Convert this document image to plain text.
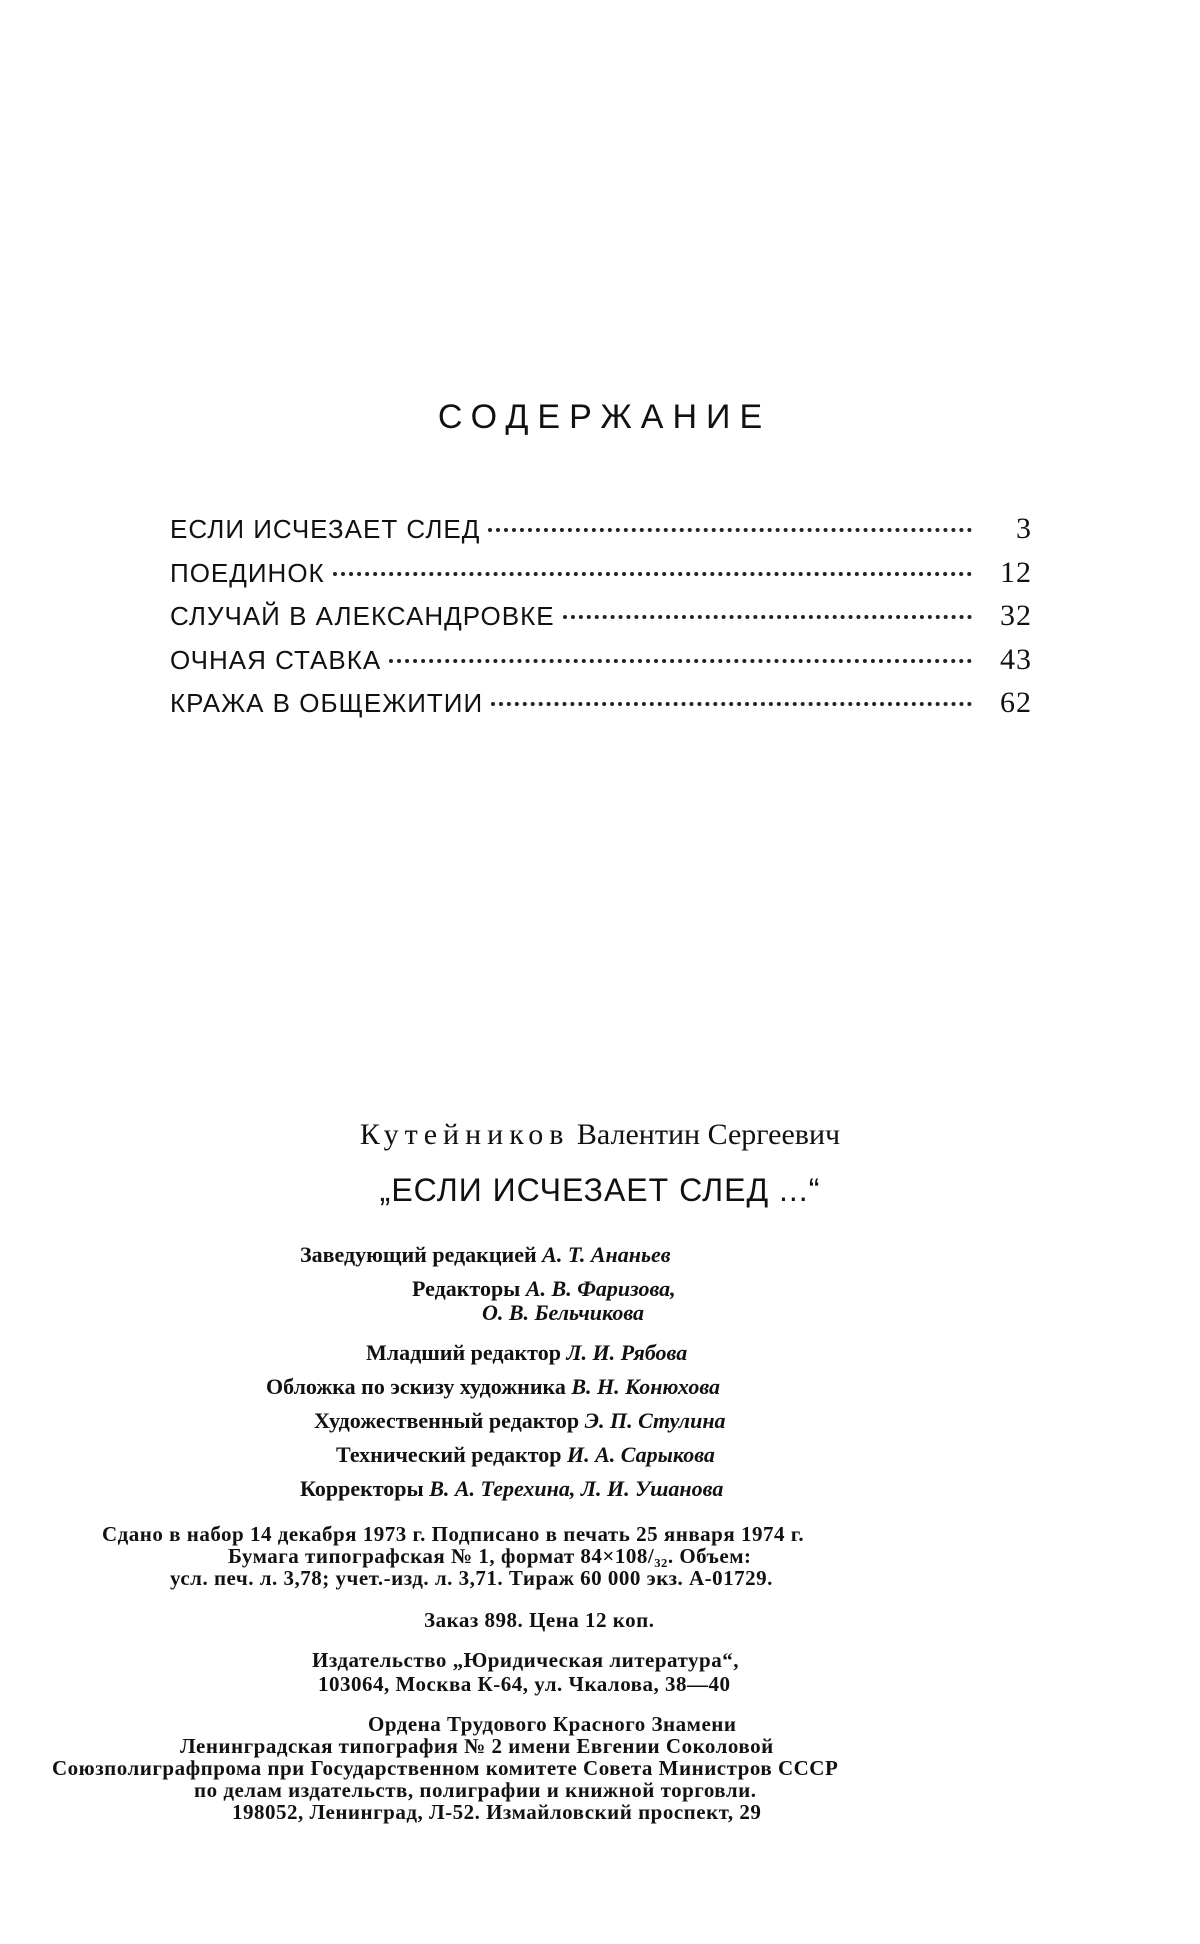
СОДЕРЖАНИЕ
ЕСЛИ ИСЧЕЗАЕТ СЛЕД	3
ПОЕДИНОК	12
СЛУЧАЙ В АЛЕКСАНДРОВКЕ	32
ОЧНАЯ СТАВКА	43
КРАЖА В ОБЩЕЖИТИИ	62
Кутейников Валентин Сергеевич
„ЕСЛИ ИСЧЕЗАЕТ СЛЕД ...“
Заведующий редакцией А. Т. Ананьев
Редакторы А. В. Фаризова,
О. В. Бельчикова
Младший редактор Л. И. Рябова
Обложка по эскизу художника В. Н. Конюхова
Художественный редактор Э. П. Стулина
Технический редактор И. А. Сарыкова
Корректоры В. А. Терехина, Л. И. Ушанова
Сдано в набор 14 декабря 1973 г. Подписано в печать 25 января 1974 г.
Бумага типографская № 1, формат 84×108/₃₂. Объем:
усл. печ. л. 3,78; учет.-изд. л. 3,71. Тираж 60 000 экз. А-01729.
Заказ 898. Цена 12 коп.
Издательство „Юридическая литература“,
103064, Москва К-64, ул. Чкалова, 38—40
Ордена Трудового Красного Знамени
Ленинградская типография № 2 имени Евгении Соколовой
Союзполиграфпрома при Государственном комитете Совета Министров СССР
по делам издательств, полиграфии и книжной торговли.
198052, Ленинград, Л-52. Измайловский проспект, 29
